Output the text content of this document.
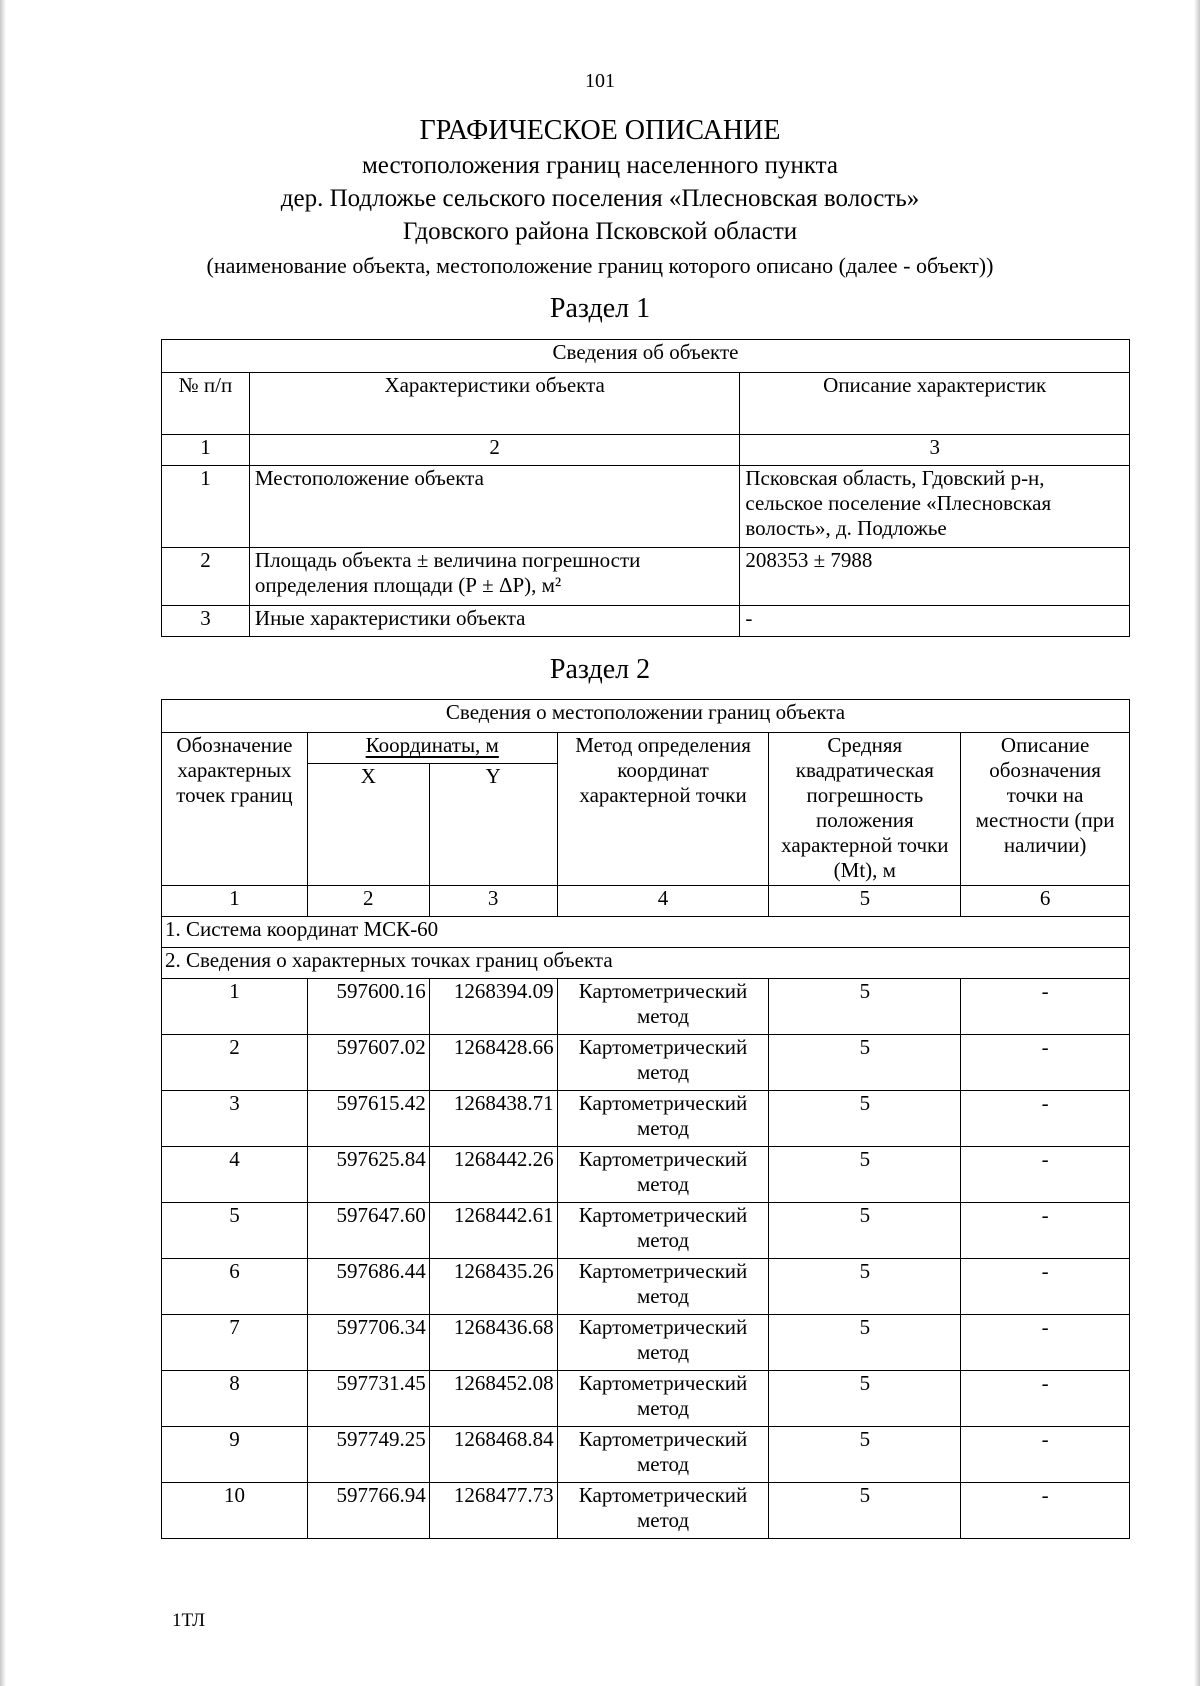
101
ГРАФИЧЕСКОЕ ОПИСАНИЕ
местоположения границ населенного пункта
дер. Подложье сельского поселения «Плесновская волость»
Гдовского района Псковской области
(наименование объекта, местоположение границ которого описано (далее - объект))
Раздел 1
Сведения об объекте		
№ п/п	Характеристики объекта	Описание характеристик
1	2	3
1	Местоположение объекта	Псковская область, Гдовский р-н, сельское поселение «Плесновская волость», д. Подложье
2	Площадь объекта ± величина погрешности определения площади (Р ± ΔР), м²	208353 ± 7988
3	Иные характеристики объекта	-
Раздел 2
Сведения о местоположении границ объекта					
Обозначение характерных точек границ	Координаты, м		Метод определения координат характерной точки	Средняя квадратическая погрешность положения характерной точки (Mt), м	Описание обозначения точки на местности (при наличии)
	X	Y			
1	2	3	4	5	6
1. Система координат МСК-60					
2. Сведения о характерных точках границ объекта					
1	597600.16	1268394.09	Картометрический метод	5	-
2	597607.02	1268428.66	Картометрический метод	5	-
3	597615.42	1268438.71	Картометрический метод	5	-
4	597625.84	1268442.26	Картометрический метод	5	-
5	597647.60	1268442.61	Картометрический метод	5	-
6	597686.44	1268435.26	Картометрический метод	5	-
7	597706.34	1268436.68	Картометрический метод	5	-
8	597731.45	1268452.08	Картометрический метод	5	-
9	597749.25	1268468.84	Картометрический метод	5	-
10	597766.94	1268477.73	Картометрический метод	5	-
1ТЛ
